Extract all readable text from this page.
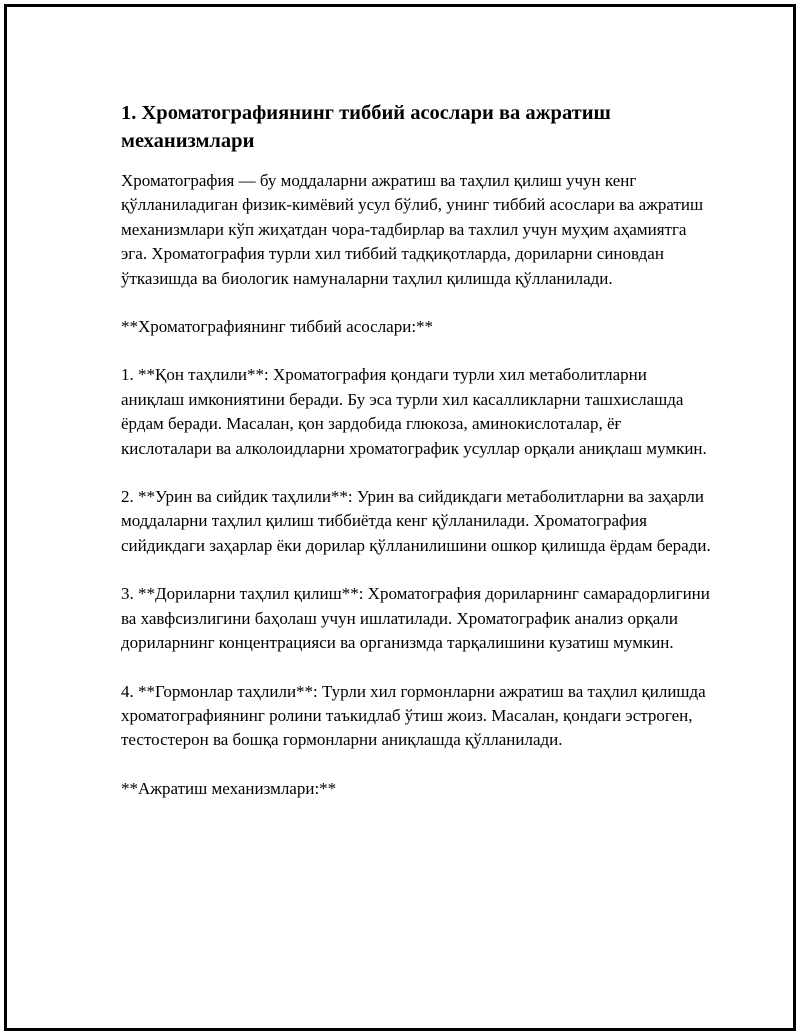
1. Хроматографиянинг тиббий асослари ва ажратиш механизмлари

Хроматография — бу моддаларни ажратиш ва таҳлил қилиш учун кенг қўлланиладиган физик-кимёвий усул бўлиб, унинг тиббий асослари ва ажратиш механизмлари кўп жиҳатдан чора-тадбирлар ва тахлил учун муҳим аҳамиятга эга. Хроматография турли хил тиббий тадқиқотларда, дориларни синовдан ўтказишда ва биологик намуналарни таҳлил қилишда қўлланилади.

**Хроматографиянинг тиббий асослари:**

1. **Қон таҳлили**: Хроматография қондаги турли хил метаболитларни аниқлаш имкониятини беради. Бу эса турли хил касалликларни ташхислашда ёрдам беради. Масалан, қон зардобида глюкоза, аминокислоталар, ёғ кислоталари ва алколоидларни хроматографик усуллар орқали аниқлаш мумкин.

2. **Урин ва сийдик таҳлили**: Урин ва сийдикдаги метаболитларни ва заҳарли моддаларни таҳлил қилиш тиббиётда кенг қўлланилади. Хроматография сийдикдаги заҳарлар ёки дорилар қўлланилишини ошкор қилишда ёрдам беради.

3. **Дориларни таҳлил қилиш**: Хроматография дориларнинг самарадорлигини ва хавфсизлигини баҳолаш учун ишлатилади. Хроматографик анализ орқали дориларнинг концентрацияси ва организмда тарқалишини кузатиш мумкин.

4. **Гормонлар таҳлили**: Турли хил гормонларни ажратиш ва таҳлил қилишда хроматографиянинг ролини таъкидлаб ўтиш жоиз. Масалан, қондаги эстроген, тестостерон ва бошқа гормонларни аниқлашда қўлланилади.

**Ажратиш механизмлари:**
